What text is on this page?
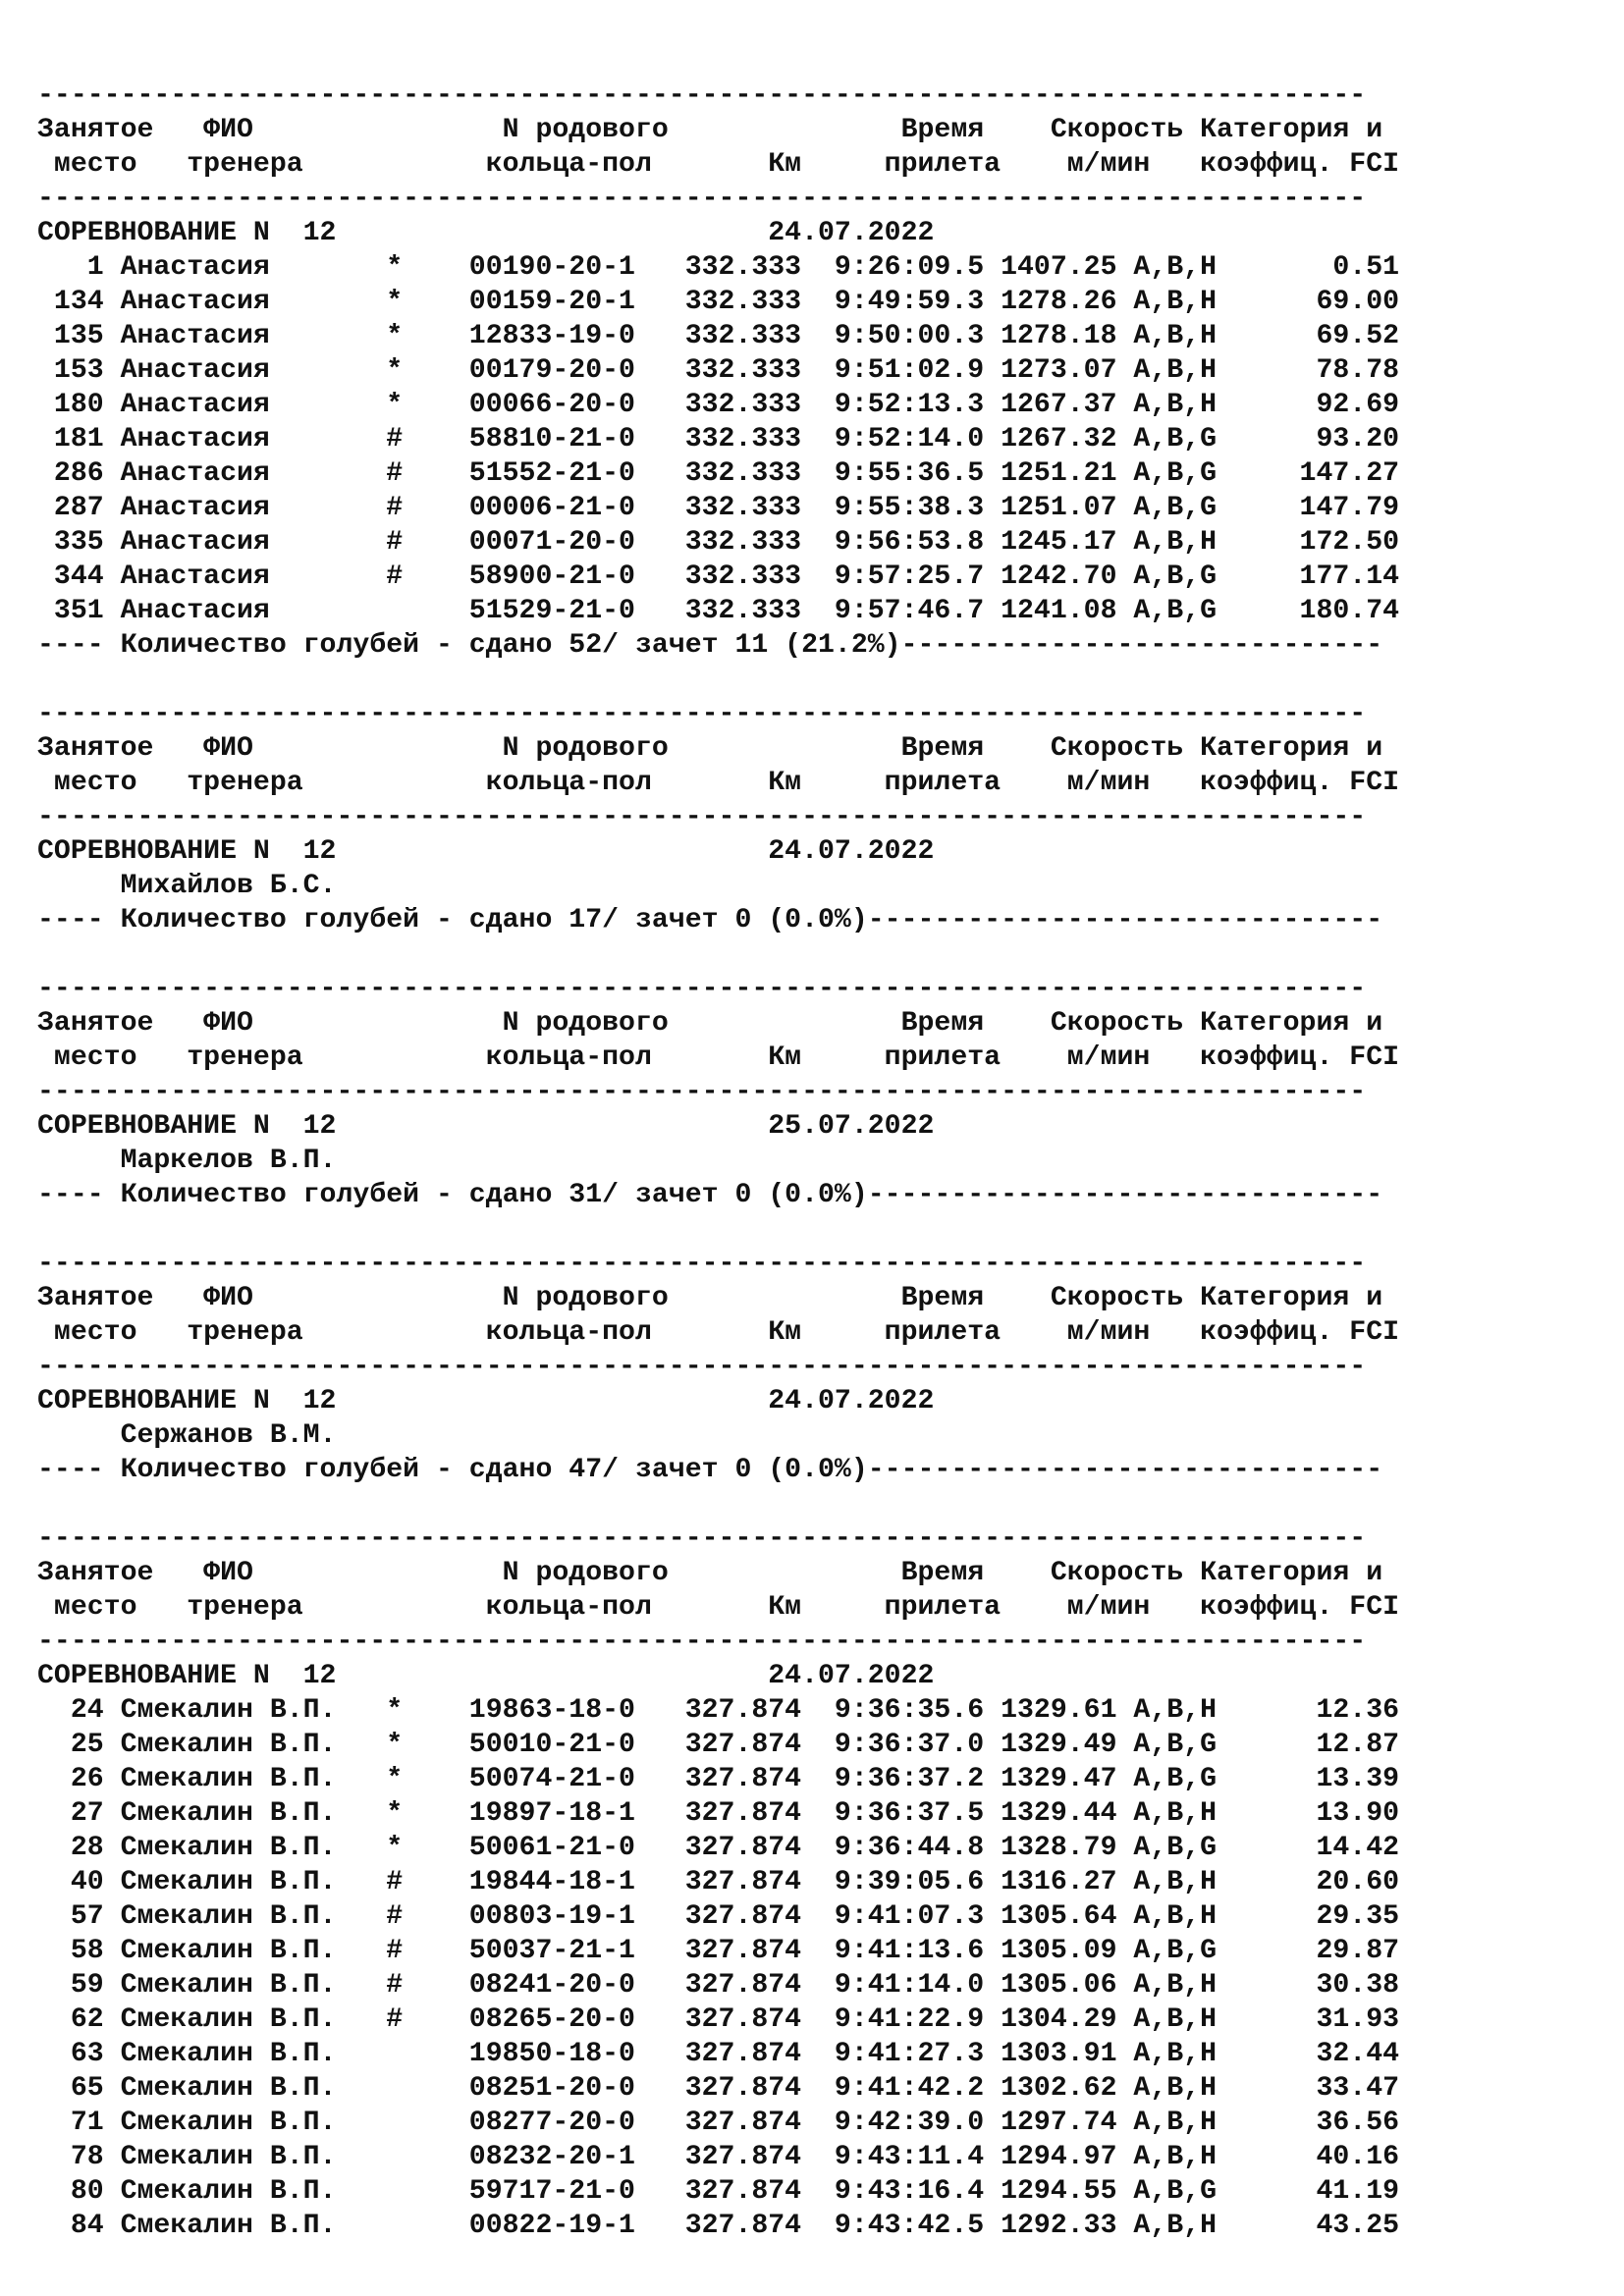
--------------------------------------------------------------------------------
Занятое   ФИО               N родового              Время    Скорость Категория и
место   тренера           кольца-пол       Км     прилета    м/мин   коэффиц. FCI
--------------------------------------------------------------------------------
СОРЕВНОВАНИЕ N  12                          24.07.2022
1 Анастасия       *    00190-20-1   332.333  9:26:09.5 1407.25 A,B,H       0.51
134 Анастасия       *    00159-20-1   332.333  9:49:59.3 1278.26 A,B,H      69.00
135 Анастасия       *    12833-19-0   332.333  9:50:00.3 1278.18 A,B,H      69.52
153 Анастасия       *    00179-20-0   332.333  9:51:02.9 1273.07 A,B,H      78.78
180 Анастасия       *    00066-20-0   332.333  9:52:13.3 1267.37 A,B,H      92.69
181 Анастасия       #    58810-21-0   332.333  9:52:14.0 1267.32 A,B,G      93.20
286 Анастасия       #    51552-21-0   332.333  9:55:36.5 1251.21 A,B,G     147.27
287 Анастасия       #    00006-21-0   332.333  9:55:38.3 1251.07 A,B,G     147.79
335 Анастасия       #    00071-20-0   332.333  9:56:53.8 1245.17 A,B,H     172.50
344 Анастасия       #    58900-21-0   332.333  9:57:25.7 1242.70 A,B,G     177.14
351 Анастасия            51529-21-0   332.333  9:57:46.7 1241.08 A,B,G     180.74
---- Количество голубей - сдано 52/ зачет 11 (21.2%)-----------------------------
--------------------------------------------------------------------------------
Занятое   ФИО               N родового              Время    Скорость Категория и
место   тренера           кольца-пол       Км     прилета    м/мин   коэффиц. FCI
--------------------------------------------------------------------------------
СОРЕВНОВАНИЕ N  12                          24.07.2022
Михайлов Б.С.
---- Количество голубей - сдано 17/ зачет 0 (0.0%)-------------------------------
--------------------------------------------------------------------------------
Занятое   ФИО               N родового              Время    Скорость Категория и
место   тренера           кольца-пол       Км     прилета    м/мин   коэффиц. FCI
--------------------------------------------------------------------------------
СОРЕВНОВАНИЕ N  12                          25.07.2022
Маркелов В.П.
---- Количество голубей - сдано 31/ зачет 0 (0.0%)-------------------------------
--------------------------------------------------------------------------------
Занятое   ФИО               N родового              Время    Скорость Категория и
место   тренера           кольца-пол       Км     прилета    м/мин   коэффиц. FCI
--------------------------------------------------------------------------------
СОРЕВНОВАНИЕ N  12                          24.07.2022
Сержанов В.М.
---- Количество голубей - сдано 47/ зачет 0 (0.0%)-------------------------------
--------------------------------------------------------------------------------
Занятое   ФИО               N родового              Время    Скорость Категория и
место   тренера           кольца-пол       Км     прилета    м/мин   коэффиц. FCI
--------------------------------------------------------------------------------
СОРЕВНОВАНИЕ N  12                          24.07.2022
24 Смекалин В.П.   *    19863-18-0   327.874  9:36:35.6 1329.61 A,B,H      12.36
25 Смекалин В.П.   *    50010-21-0   327.874  9:36:37.0 1329.49 A,B,G      12.87
26 Смекалин В.П.   *    50074-21-0   327.874  9:36:37.2 1329.47 A,B,G      13.39
27 Смекалин В.П.   *    19897-18-1   327.874  9:36:37.5 1329.44 A,B,H      13.90
28 Смекалин В.П.   *    50061-21-0   327.874  9:36:44.8 1328.79 A,B,G      14.42
40 Смекалин В.П.   #    19844-18-1   327.874  9:39:05.6 1316.27 A,B,H      20.60
57 Смекалин В.П.   #    00803-19-1   327.874  9:41:07.3 1305.64 A,B,H      29.35
58 Смекалин В.П.   #    50037-21-1   327.874  9:41:13.6 1305.09 A,B,G      29.87
59 Смекалин В.П.   #    08241-20-0   327.874  9:41:14.0 1305.06 A,B,H      30.38
62 Смекалин В.П.   #    08265-20-0   327.874  9:41:22.9 1304.29 A,B,H      31.93
63 Смекалин В.П.        19850-18-0   327.874  9:41:27.3 1303.91 A,B,H      32.44
65 Смекалин В.П.        08251-20-0   327.874  9:41:42.2 1302.62 A,B,H      33.47
71 Смекалин В.П.        08277-20-0   327.874  9:42:39.0 1297.74 A,B,H      36.56
78 Смекалин В.П.        08232-20-1   327.874  9:43:11.4 1294.97 A,B,H      40.16
80 Смекалин В.П.        59717-21-0   327.874  9:43:16.4 1294.55 A,B,G      41.19
84 Смекалин В.П.        00822-19-1   327.874  9:43:42.5 1292.33 A,B,H      43.25
